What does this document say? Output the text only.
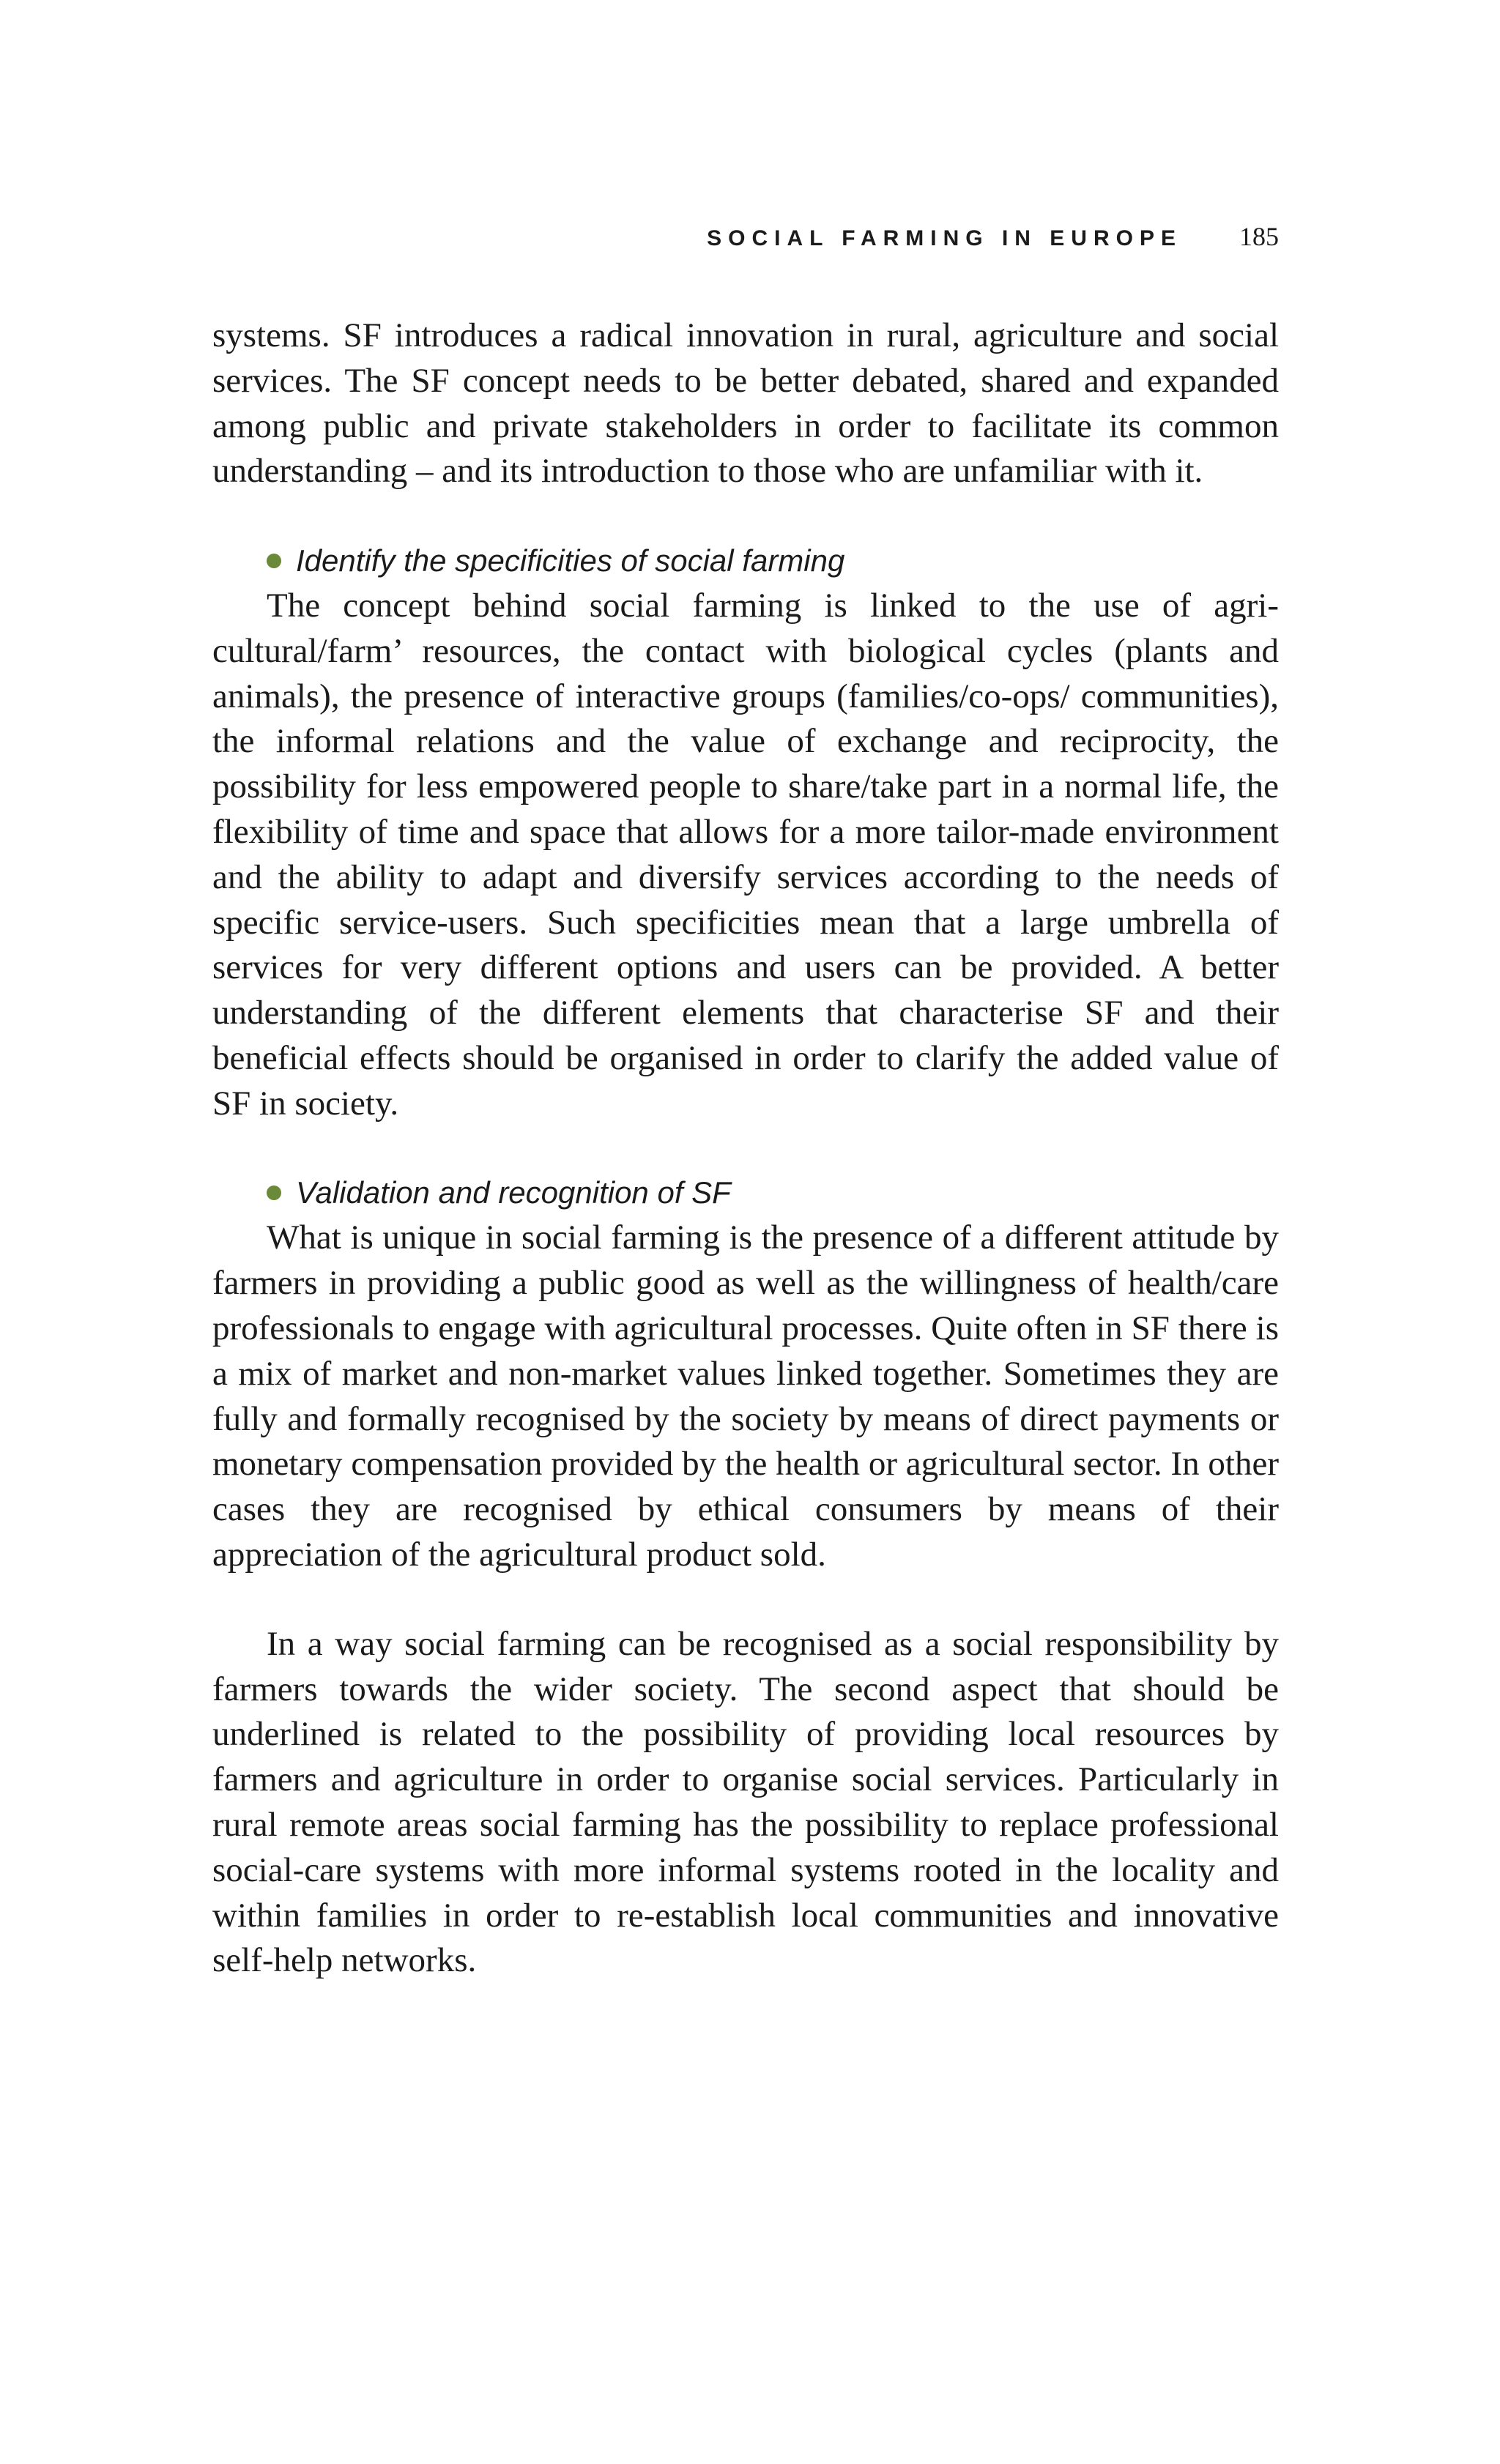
SOCIAL FARMING IN EUROPE 185

systems. SF introduces a radical innovation in rural, agriculture and social services. The SF concept needs to be better debated, shared and expanded among public and private stakeholders in order to facilitate its common understanding – and its introduction to those who are unfamiliar with it.

Identify the specificities of social farming

The concept behind social farming is linked to the use of agricultural/farm’ resources, the contact with biological cycles (plants and animals), the presence of interactive groups (families/co-ops/ communities), the informal relations and the value of exchange and reciprocity, the possibility for less empowered people to share/take part in a normal life, the flexibility of time and space that allows for a more tailor-made environment and the ability to adapt and diversify services according to the needs of specific service-users. Such specificities mean that a large umbrella of services for very different options and users can be provided. A better understanding of the different elements that characterise SF and their beneficial effects should be organised in order to clarify the added value of SF in society.

Validation and recognition of SF

What is unique in social farming is the presence of a different attitude by farmers in providing a public good as well as the willingness of health/care professionals to engage with agricultural processes. Quite often in SF there is a mix of market and non-market values linked together. Sometimes they are fully and formally recognised by the society by means of direct payments or monetary compensation provided by the health or agricultural sector. In other cases they are recognised by ethical consumers by means of their appreciation of the agricultural product sold.

In a way social farming can be recognised as a social responsibility by farmers towards the wider society. The second aspect that should be underlined is related to the possibility of providing local resources by farmers and agriculture in order to organise social services. Particularly in rural remote areas social farming has the possibility to replace professional social-care systems with more informal systems rooted in the locality and within families in order to re-establish local communities and innovative self-help networks.
